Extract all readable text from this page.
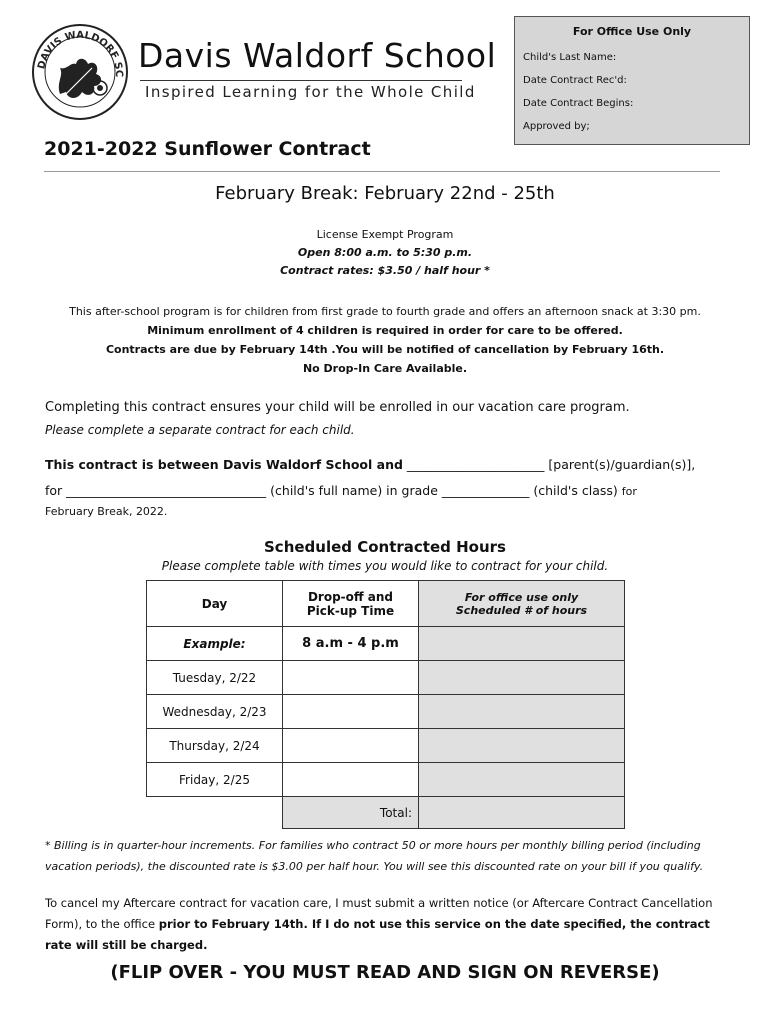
DAVIS WALDORF SC Davis Waldorf School
Inspired Learning for the Whole Child
For Office Use Only
Child's Last Name:
Date Contract Rec'd:
Date Contract Begins:
Approved by;
2021-2022 Sunflower Contract
February Break: February 22nd - 25th
License Exempt Program
Open 8:00 a.m. to 5:30 p.m.
Contract rates: $3.50 / half hour *
This after-school program is for children from first grade to fourth grade and offers an afternoon snack at 3:30 pm.
Minimum enrollment of 4 children is required in order for care to be offered.
Contracts are due by February 14th .You will be notified of cancellation by February 16th.
No Drop-In Care Available.
Completing this contract ensures your child will be enrolled in our vacation care program.
Please complete a separate contract for each child.
This contract is between Davis Waldorf School and ______________________ [parent(s)/guardian(s)],
for ________________________________ (child's full name) in grade ______________ (child's class) for
February Break, 2022.
Scheduled Contracted Hours
Please complete table with times you would like to contract for your child.
Day	Drop-off and Pick-up Time	For office use only Scheduled # of hours
Example:	8 a.m - 4 p.m	
Tuesday, 2/22		
Wednesday, 2/23		
Thursday, 2/24		
Friday, 2/25		
	Total:	
* Billing is in quarter-hour increments. For families who contract 50 or more hours per monthly billing period (including vacation periods), the discounted rate is $3.00 per half hour. You will see this discounted rate on your bill if you qualify.
To cancel my Aftercare contract for vacation care, I must submit a written notice (or Aftercare Contract Cancellation Form), to the office prior to February 14th. If I do not use this service on the date specified, the contract rate will still be charged.
(FLIP OVER - YOU MUST READ AND SIGN ON REVERSE)
